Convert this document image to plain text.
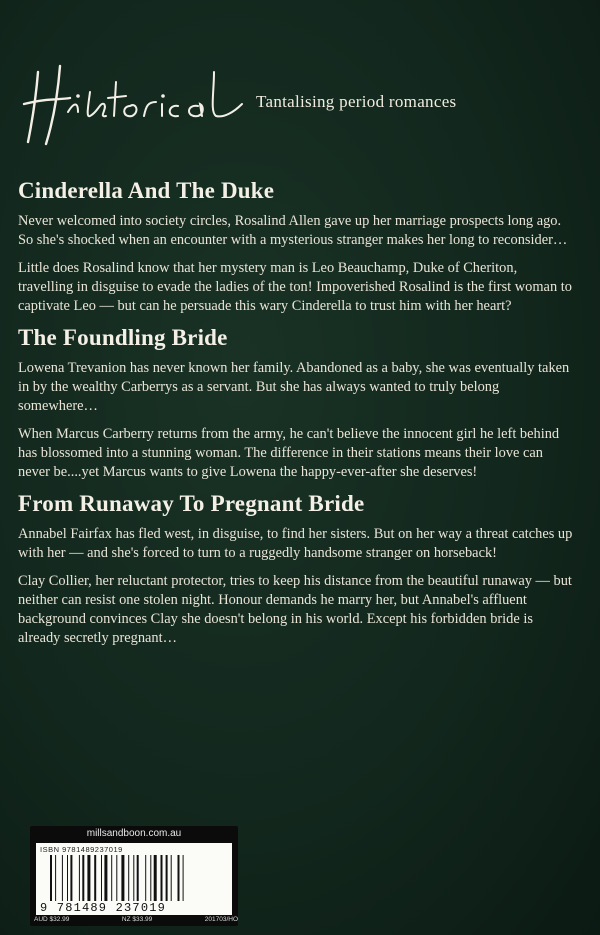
Tantalising period romances
Cinderella And The Duke

Never welcomed into society circles, Rosalind Allen gave up her marriage prospects long ago. So she's shocked when an encounter with a mysterious stranger makes her long to reconsider…

Little does Rosalind know that her mystery man is Leo Beauchamp, Duke of Cheriton, travelling in disguise to evade the ladies of the ton! Impoverished Rosalind is the first woman to captivate Leo — but can he persuade this wary Cinderella to trust him with her heart?

The Foundling Bride

Lowena Trevanion has never known her family. Abandoned as a baby, she was eventually taken in by the wealthy Carberrys as a servant. But she has always wanted to truly belong somewhere…

When Marcus Carberry returns from the army, he can't believe the innocent girl he left behind has blossomed into a stunning woman. The difference in their stations means their love can never be....yet Marcus wants to give Lowena the happy-ever-after she deserves!

From Runaway To Pregnant Bride

Annabel Fairfax has fled west, in disguise, to find her sisters. But on her way a threat catches up with her — and she's forced to turn to a ruggedly handsome stranger on horseback!

Clay Collier, her reluctant protector, tries to keep his distance from the beautiful runaway — but neither can resist one stolen night. Honour demands he marry her, but Annabel's affluent background convinces Clay she doesn't belong in his world. Except his forbidden bride is already secretly pregnant…

millsandboon.com.au
ISBN 9781489237019
9 781489 237019
AUD $32.99	NZ $33.99	201703/HO
